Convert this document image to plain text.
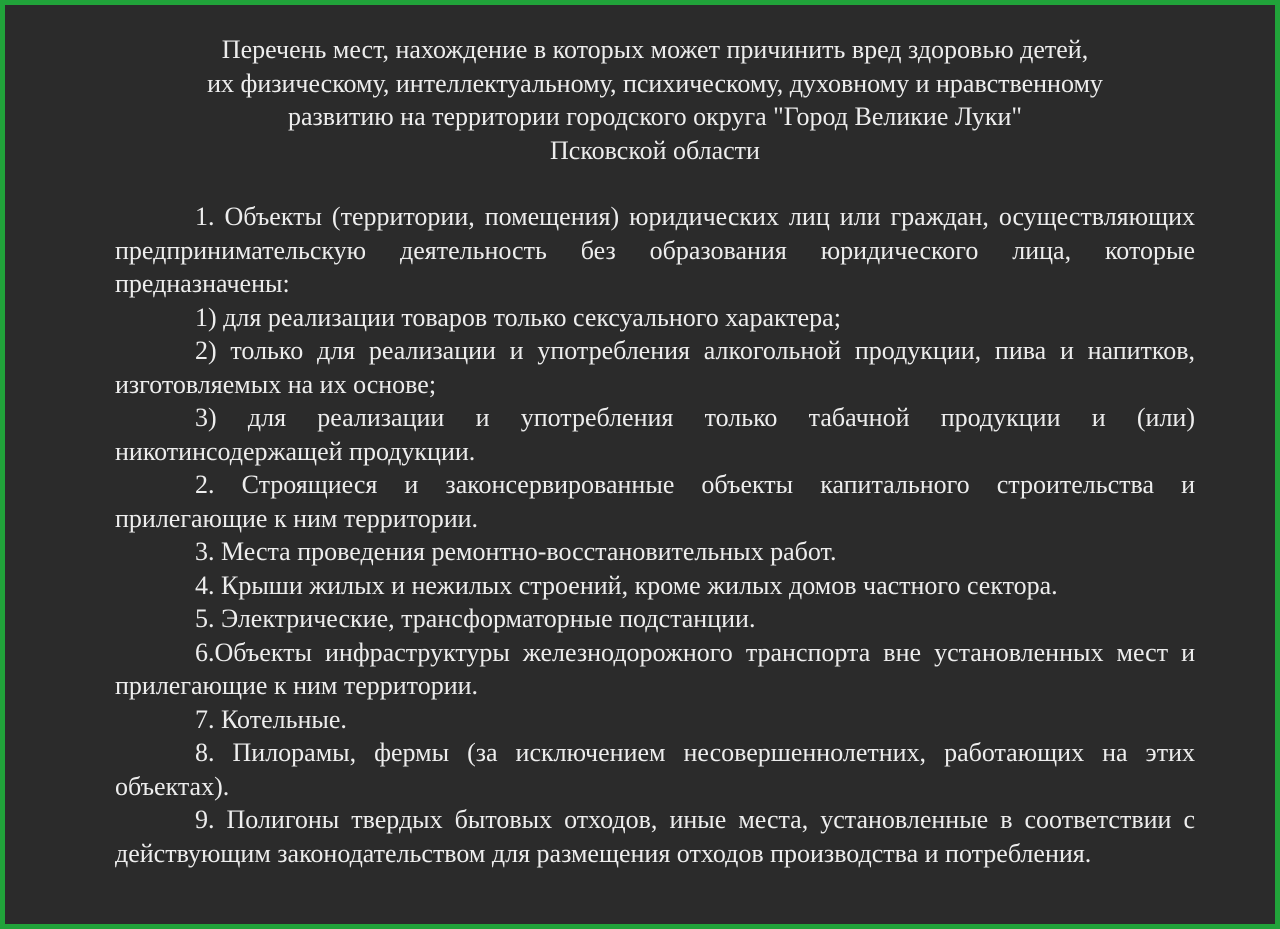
Перечень мест, нахождение в которых может причинить вред здоровью детей,
их физическому, интеллектуальному, психическому, духовному и нравственному
развитию на территории городского округа "Город Великие Луки"
Псковской области

1. Объекты (территории, помещения) юридических лиц или граждан, осуществляющих предпринимательскую деятельность без образования юридического лица, которые предназначены:

1) для реализации товаров только сексуального характера;

2) только для реализации и употребления алкогольной продукции, пива и напитков, изготовляемых на их основе;

3) для реализации и употребления только табачной продукции и (или) никотинсодержащей продукции.

2. Строящиеся и законсервированные объекты капитального строительства и прилегающие к ним территории.

3. Места проведения ремонтно-восстановительных работ.

4. Крыши жилых и нежилых строений, кроме жилых домов частного сектора.

5. Электрические, трансформаторные подстанции.

6.Объекты инфраструктуры железнодорожного транспорта вне установленных мест и прилегающие к ним территории.

7. Котельные.

8. Пилорамы, фермы (за исключением несовершеннолетних, работающих на этих объектах).

9. Полигоны твердых бытовых отходов, иные места, установленные в соответствии с действующим законодательством для размещения отходов производства и потребления.
